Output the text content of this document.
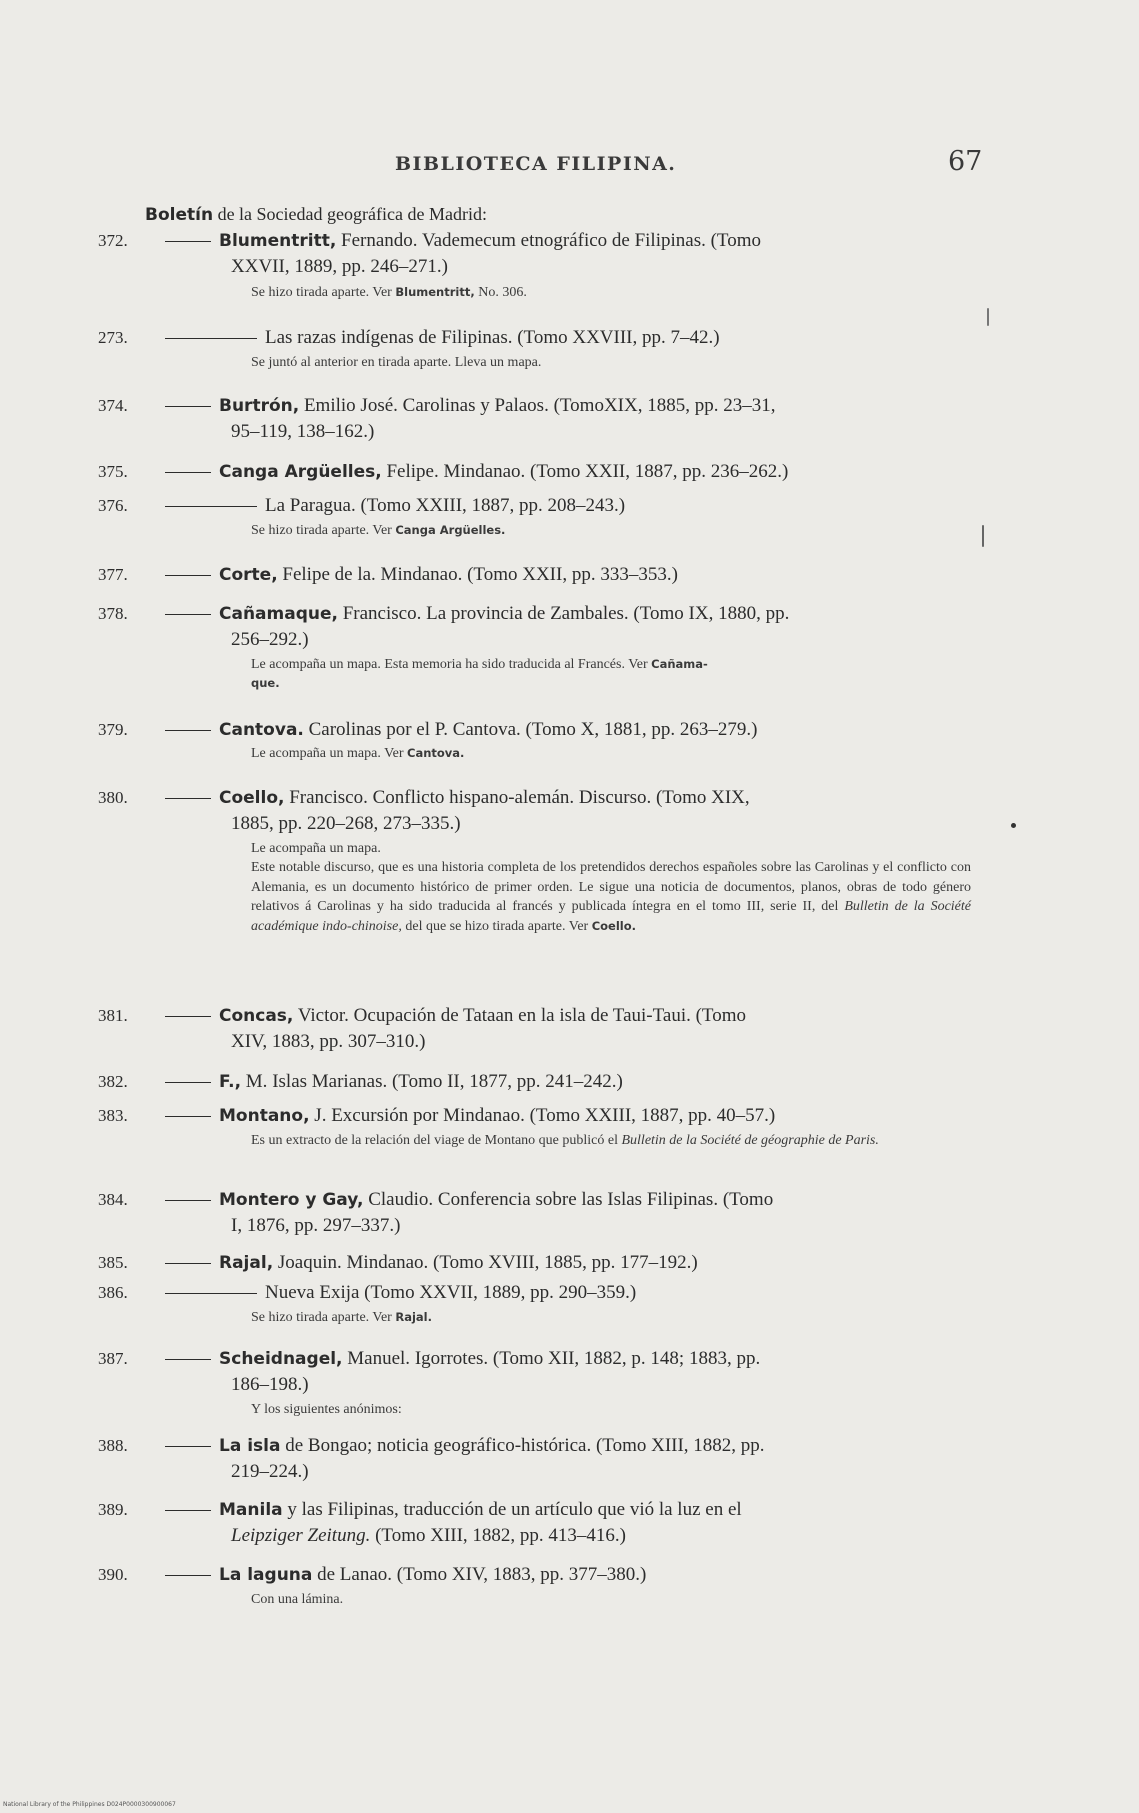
BIBLIOTECA FILIPINA.	67
Boletín de la Sociedad geográfica de Madrid:
372.	Blumentritt, Fernando. Vademecum etnográfico de Filipinas. (Tomo
XXVII, 1889, pp. 246–271.)
Se hizo tirada aparte. Ver Blumentritt, No. 306.
273.	Las razas indígenas de Filipinas. (Tomo XXVIII, pp. 7–42.)
Se juntó al anterior en tirada aparte. Lleva un mapa.
374.	Burtrón, Emilio José. Carolinas y Palaos. (TomoXIX, 1885, pp. 23–31,
95–119, 138–162.)
375.	Canga Argüelles, Felipe. Mindanao. (Tomo XXII, 1887, pp. 236–262.)
376.	La Paragua. (Tomo XXIII, 1887, pp. 208–243.)
Se hizo tirada aparte. Ver Canga Argüelles.
377.	Corte, Felipe de la. Mindanao. (Tomo XXII, pp. 333–353.)
378.	Cañamaque, Francisco. La provincia de Zambales. (Tomo IX, 1880, pp.
256–292.)
Le acompaña un mapa. Esta memoria ha sido traducida al Francés. Ver Cañama-
que.
379.	Cantova. Carolinas por el P. Cantova. (Tomo X, 1881, pp. 263–279.)
Le acompaña un mapa. Ver Cantova.
380.	Coello, Francisco. Conflicto hispano-alemán. Discurso. (Tomo XIX,
1885, pp. 220–268, 273–335.)
Le acompaña un mapa.
Este notable discurso, que es una historia completa de los pretendidos derechos españoles sobre las Carolinas y el conflicto con Alemania, es un documento histórico de primer orden. Le sigue una noticia de documentos, planos, obras de todo género relativos á Carolinas y ha sido traducida al francés y publicada íntegra en el tomo III, serie II, del Bulletin de la Société académique indo-chinoise, del que se hizo tirada aparte. Ver Coello.
381.	Concas, Victor. Ocupación de Tataan en la isla de Taui-Taui. (Tomo
XIV, 1883, pp. 307–310.)
382.	F., M. Islas Marianas. (Tomo II, 1877, pp. 241–242.)
383.	Montano, J. Excursión por Mindanao. (Tomo XXIII, 1887, pp. 40–57.)
Es un extracto de la relación del viage de Montano que publicó el Bulletin de la Société de géographie de Paris.
384.	Montero y Gay, Claudio. Conferencia sobre las Islas Filipinas. (Tomo
I, 1876, pp. 297–337.)
385.	Rajal, Joaquin. Mindanao. (Tomo XVIII, 1885, pp. 177–192.)
386.	Nueva Exija (Tomo XXVII, 1889, pp. 290–359.)
Se hizo tirada aparte. Ver Rajal.
387.	Scheidnagel, Manuel. Igorrotes. (Tomo XII, 1882, p. 148; 1883, pp.
186–198.)
Y los siguientes anónimos:
388.	La isla de Bongao; noticia geográfico-histórica. (Tomo XIII, 1882, pp.
219–224.)
389.	Manila y las Filipinas, traducción de un artículo que vió la luz en el
Leipziger Zeitung. (Tomo XIII, 1882, pp. 413–416.)
390.	La laguna de Lanao. (Tomo XIV, 1883, pp. 377–380.)
Con una lámina.
National Library of the Philippines D024P0000300900067
